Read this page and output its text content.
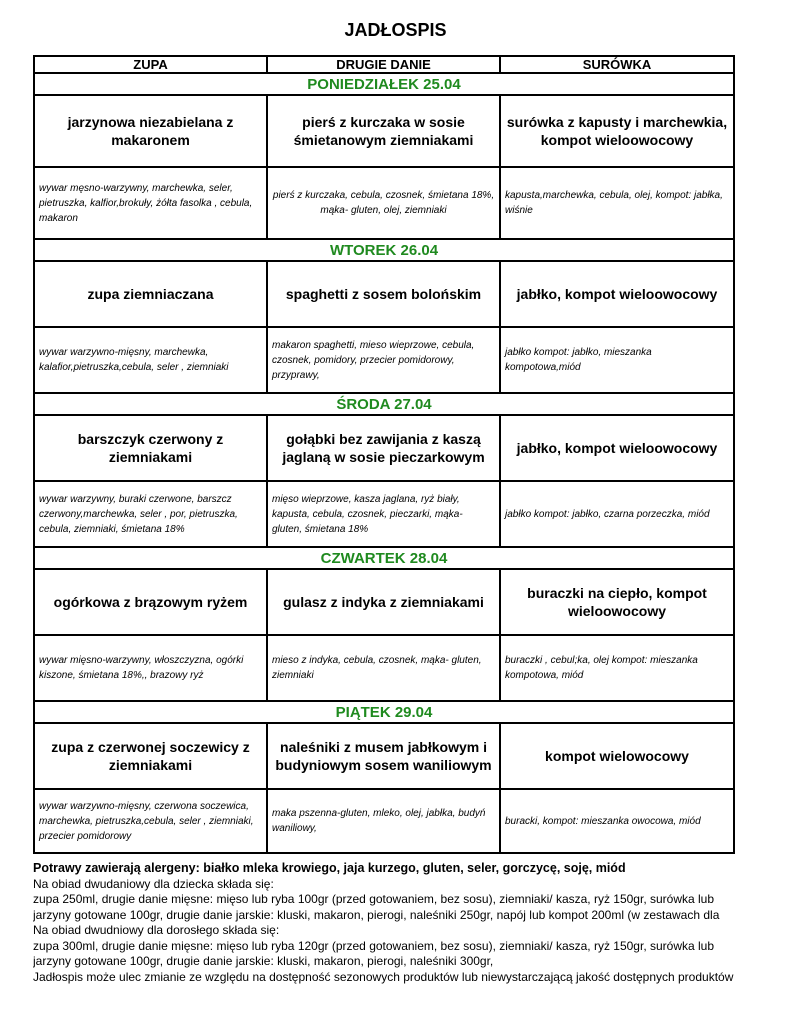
JADŁOSPIS
ZUPA	DRUGIE DANIE	SURÓWKA
PONIEDZIAŁEK 25.04		
jarzynowa niezabielana z makaronem	pierś z kurczaka w sosie śmietanowym ziemniakami	surówka z kapusty i marchewkia, kompot wieloowocowy
wywar męsno-warzywny, marchewka, seler, pietruszka, kalfior,brokuły, żółta fasolka , cebula, makaron	pierś z kurczaka, cebula, czosnek, śmietana 18%, mąka- gluten, olej, ziemniaki	kapusta,marchewka, cebula, olej, kompot: jabłka, wiśnie
WTOREK 26.04		
zupa ziemniaczana	spaghetti z sosem bolońskim	jabłko, kompot wieloowocowy
wywar warzywno-mięsny, marchewka, kalafior,pietruszka,cebula, seler , ziemniaki	makaron spaghetti, mieso wieprzowe, cebula, czosnek, pomidory, przecier pomidorowy, przyprawy,	jabłko kompot: jabłko, mieszanka kompotowa,miód
ŚRODA 27.04		
barszczyk czerwony z ziemniakami	gołąbki bez zawijania z kaszą jaglaną w sosie pieczarkowym	jabłko, kompot wieloowocowy
wywar warzywny, buraki czerwone, barszcz czerwony,marchewka, seler , por, pietruszka, cebula, ziemniaki, śmietana 18%	mięso wieprzowe, kasza jaglana, ryż biały, kapusta, cebula, czosnek, pieczarki, mąka- gluten, śmietana 18%	jabłko kompot: jabłko, czarna porzeczka, miód
CZWARTEK 28.04		
ogórkowa z brązowym ryżem	gulasz z indyka z ziemniakami	buraczki na ciepło, kompot wieloowocowy
wywar mięsno-warzywny, włoszczyzna, ogórki kiszone, śmietana 18%,, brazowy ryż	mieso z indyka, cebula, czosnek, mąka- gluten, ziemniaki	buraczki , cebul;ka, olej kompot: mieszanka kompotowa, miód
PIĄTEK 29.04		
zupa z czerwonej soczewicy z ziemniakami	naleśniki z musem jabłkowym i budyniowym sosem waniliowym	kompot wielowocowy
wywar warzywno-mięsny, czerwona soczewica, marchewka, pietruszka,cebula, seler , ziemniaki, przecier pomidorowy	maka pszenna-gluten, mleko, olej, jabłka, budyń waniliowy,	buracki, kompot: mieszanka owocowa, miód
Potrawy zawierają alergeny: białko mleka krowiego, jaja kurzego, gluten, seler, gorczycę, soję, miód
Na obiad dwudaniowy dla dziecka składa się:
zupa 250ml, drugie danie mięsne: mięso lub ryba 100gr (przed gotowaniem, bez sosu), ziemniaki/ kasza, ryż 150gr, surówka lub
jarzyny gotowane 100gr, drugie danie jarskie: kluski, makaron, pierogi, naleśniki 250gr, napój lub kompot 200ml (w zestawach dla
Na obiad dwudniowy dla dorosłego składa się:
zupa 300ml, drugie danie mięsne: mięso lub ryba 120gr (przed gotowaniem, bez sosu), ziemniaki/ kasza, ryż 150gr, surówka lub
jarzyny gotowane 100gr, drugie danie jarskie: kluski, makaron, pierogi, naleśniki 300gr,
Jadłospis może ulec zmianie ze względu na dostępność sezonowych produktów lub niewystarczającą jakość dostępnych produktów
